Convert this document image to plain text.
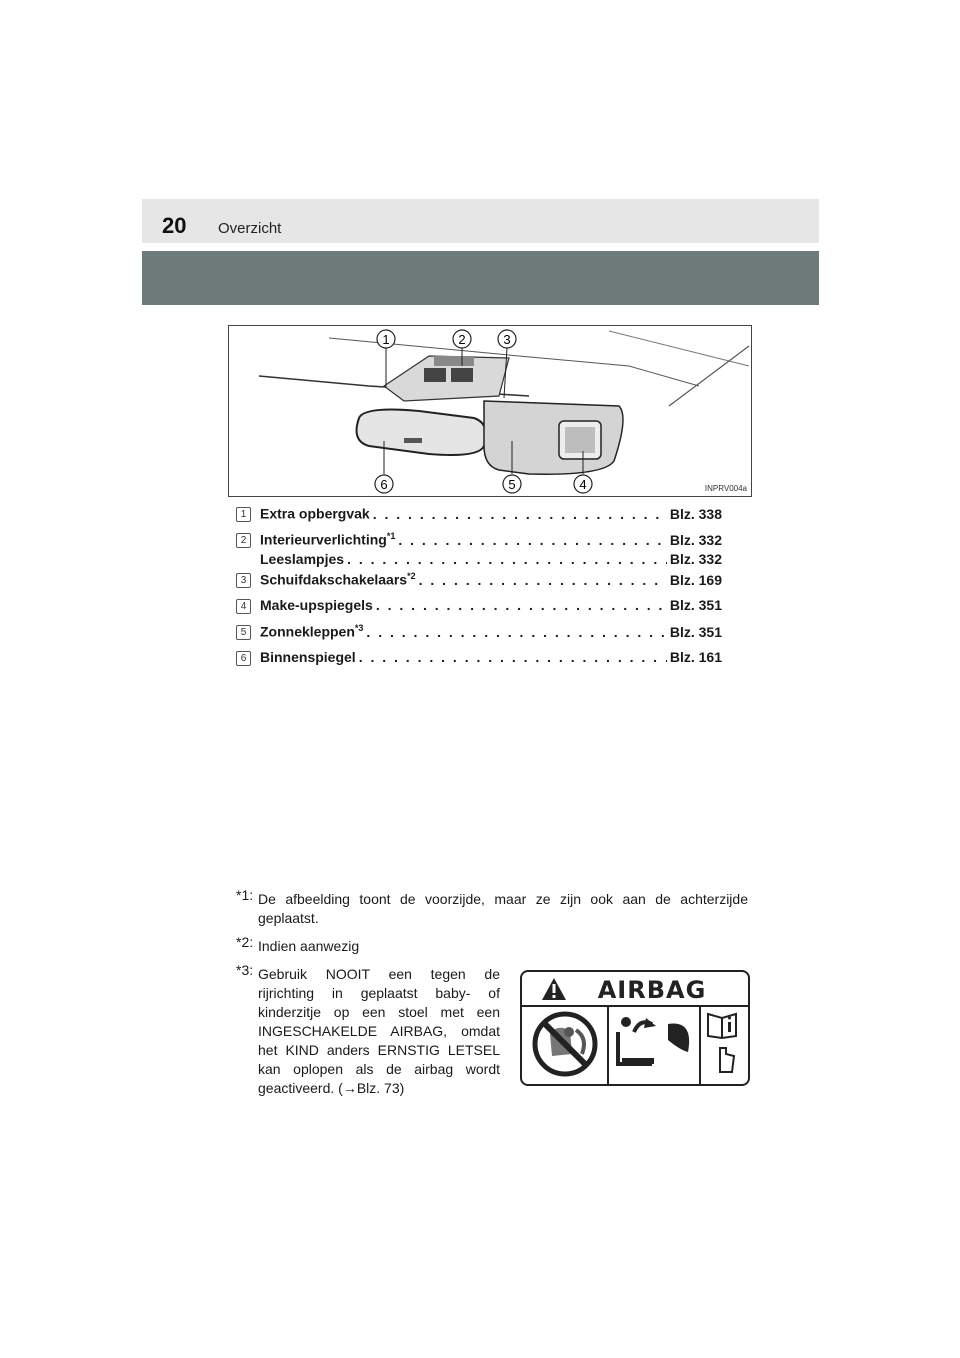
20 Overzicht
1	2	3
4
5
6	INPRV004a
1 Extra opbergvak . . .	Blz. 338
2 Interieurverlichting$^{*1}$ . . .	Blz. 332
Leeslampjes . . .	Blz. 332
3 Schuifdakschakelaars$^{*2}$ . . .	Blz. 169
4 Make-upspiegels . . .	Blz. 351
5 Zonnekleppen$^{*3}$ . . .	Blz. 351
6 Binnenspiegel . . .	Blz. 161
*1: De afbeelding toont de voorzijde, maar ze zijn ook aan de achterzijde geplaatst.
*2: Indien aanwezig
*3: Gebruik NOOIT een tegen de rijrichting in geplaatst baby- of kinderzitje op een stoel met een INGESCHAKELDE AIRBAG, omdat het KIND anders ERNSTIG LETSEL kan oplopen als de airbag wordt geactiveerd. (→Blz. 73)
AIRBAG
